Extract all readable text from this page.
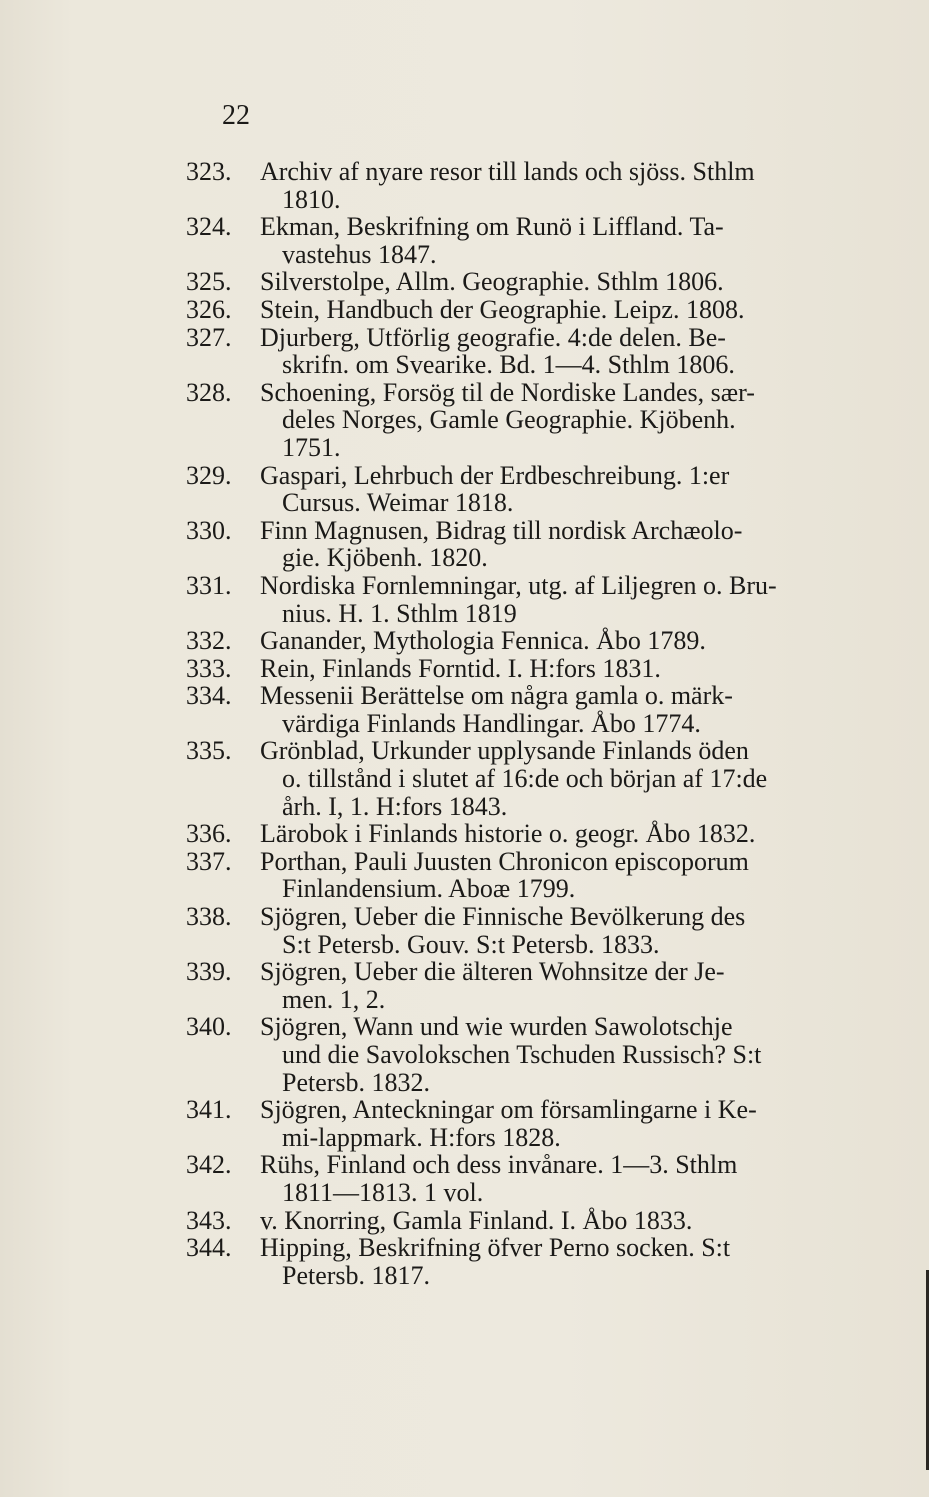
22
323.	Archiv af nyare resor till lands och sjöss. Sthlm
1810.
324.	Ekman, Beskrifning om Runö i Liffland. Ta-
vastehus 1847.
325.	Silverstolpe, Allm. Geographie. Sthlm 1806.
326.	Stein, Handbuch der Geographie. Leipz. 1808.
327.	Djurberg, Utförlig geografie. 4:de delen. Be-
skrifn. om Svearike. Bd. 1—4. Sthlm 1806.
328.	Schoening, Forsög til de Nordiske Landes, sær-
deles Norges, Gamle Geographie. Kjöbenh.
1751.
329.	Gaspari, Lehrbuch der Erdbeschreibung. 1:er
Cursus. Weimar 1818.
330.	Finn Magnusen, Bidrag till nordisk Archæolo-
gie. Kjöbenh. 1820.
331.	Nordiska Fornlemningar, utg. af Liljegren o. Bru-
nius. H. 1. Sthlm 1819
332.	Ganander, Mythologia Fennica. Åbo 1789.
333.	Rein, Finlands Forntid. I. H:fors 1831.
334.	Messenii Berättelse om några gamla o. märk-
värdiga Finlands Handlingar. Åbo 1774.
335.	Grönblad, Urkunder upplysande Finlands öden
o. tillstånd i slutet af 16:de och början af 17:de
årh. I, 1. H:fors 1843.
336.	Lärobok i Finlands historie o. geogr. Åbo 1832.
337.	Porthan, Pauli Juusten Chronicon episcoporum
Finlandensium. Aboæ 1799.
338.	Sjögren, Ueber die Finnische Bevölkerung des
S:t Petersb. Gouv. S:t Petersb. 1833.
339.	Sjögren, Ueber die älteren Wohnsitze der Je-
men. 1, 2.
340.	Sjögren, Wann und wie wurden Sawolotschje
und die Savolokschen Tschuden Russisch? S:t
Petersb. 1832.
341.	Sjögren, Anteckningar om församlingarne i Ke-
mi-lappmark. H:fors 1828.
342.	Rühs, Finland och dess invånare. 1—3. Sthlm
1811—1813. 1 vol.
343.	v. Knorring, Gamla Finland. I. Åbo 1833.
344.	Hipping, Beskrifning öfver Perno socken. S:t
Petersb. 1817.
